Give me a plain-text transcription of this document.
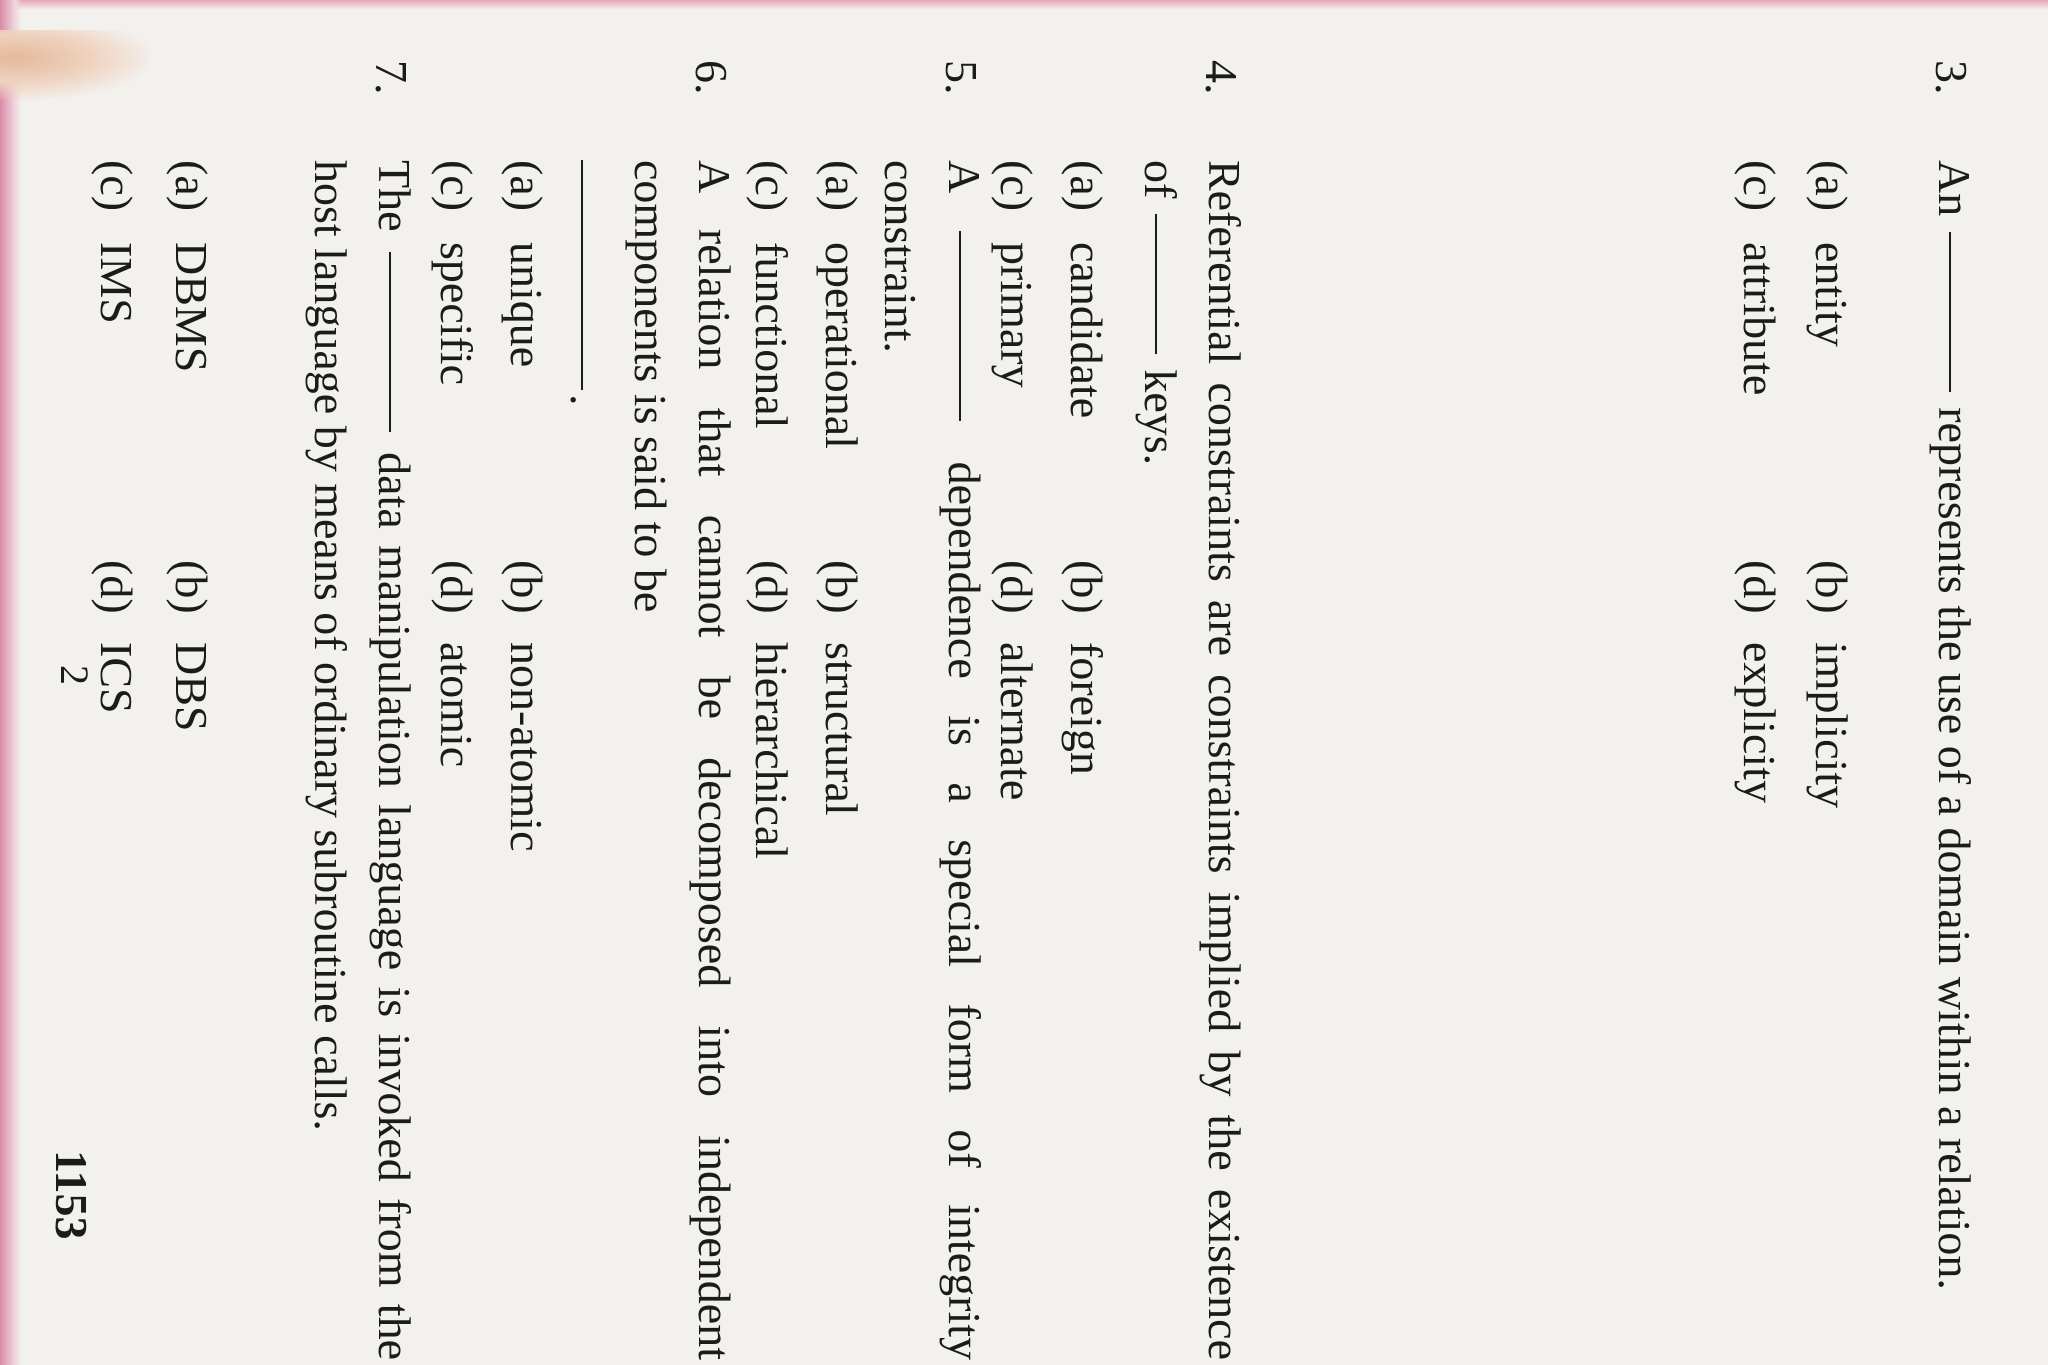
3.
An  represents the use of a domain within a relation.
(a)entity
(b)implicity
(c)attribute
(d)explicity
4.
Referential constraints are constraints implied by the existence of  keys.
(a)candidate
(b)foreign
(c)primary
(d)alternate
5.
A  dependence is a special form of integrity constraint.
(a)operational
(b)structural
(c)functional
(d)hierarchical
6.
A relation that cannot be decomposed into independent components is said to be
.
(a)unique
(b)non-atomic
(c)specific
(d)atomic
7.
The  data manipulation language is invoked from the host language by means of ordinary subroutine calls.
(a)DBMS
(b)DBS
(c)IMS
(d)ICS
2
1153
